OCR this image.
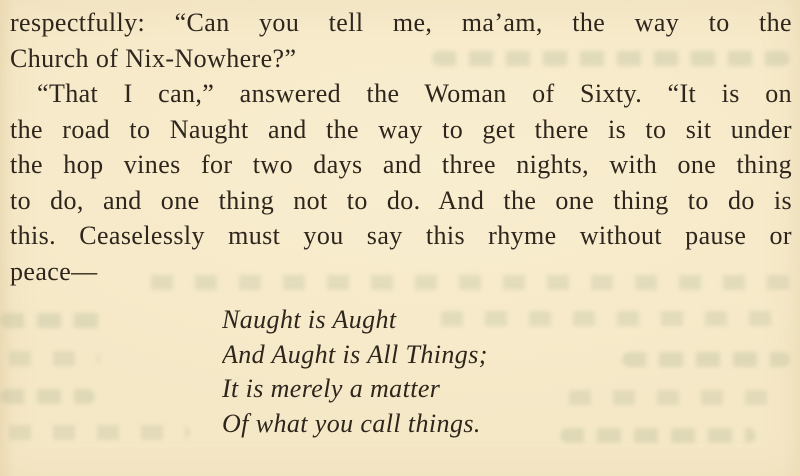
respectfully: “Can you tell me, ma’am, the way to the
Church of Nix-Nowhere?”
“That I can,” answered the Woman of Sixty. “It is on
the road to Naught and the way to get there is to sit under
the hop vines for two days and three nights, with one thing
to do, and one thing not to do. And the one thing to do is
this. Ceaselessly must you say this rhyme without pause or
peace—
Naught is Aught
And Aught is All Things;
It is merely a matter
Of what you call things.
